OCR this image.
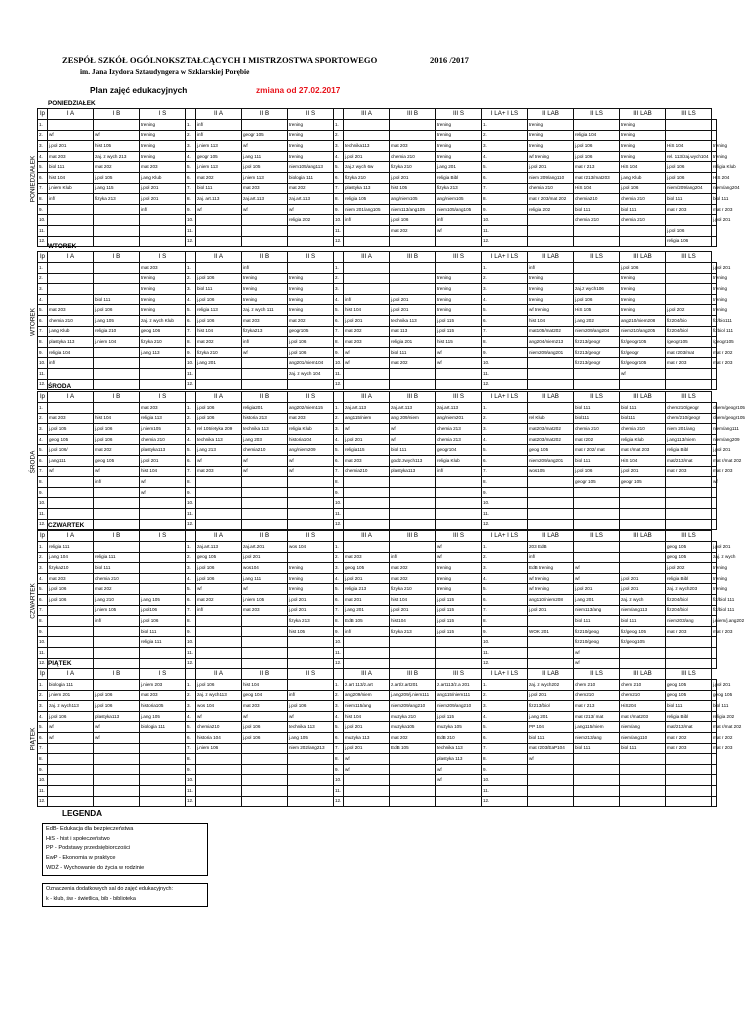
ZESPÓŁ SZKÓŁ OGÓLNOKSZTAŁCĄCYCH I MISTRZOSTWA SPORTOWEGO	2016 /2017
im. Jana Izydora Sztaudyngera w Szklarskiej Porębie
Plan zajęć edukacyjnych	zmiana od 27.02.2017
PONIEDZIAŁEK
PONIEDZIAŁEK
lp	I A	I B	I S		II A	II B	II S		III A	III B	III S	I LA+ I LS	II LAB	II LS	III LAB	III LS	
1.			trening	1.	inf/		trening	1.			trening	1.	trening		trening		
2.	wf	wf	trening	2.	inf/	geogr 105	trening	2.			trening	2.	trening	religia 104	trening		
3.	j.pol 201	hist 105	trening	3.	j.niem 113	wf	trening	3.	technika113	mat 203	trening	3.	trening	j.pol 106	trening	HiS 104	trening
4.	mat 203	zaj. z wych 213	trening	4.	geogr 105	j.ang 111	trening	4.	j.pol 201	chemia 210	trening	4.	wf trening	j.pol 106	trening	rel. 113/zaj.wych104	trening
5.	biol 111	mat 202	mat 203	5.	j.niem 113	j.pol 105	niem105/ang113	5.	zaj.z wych 6w	fizyka 210	j.ang 201	5.	j.pol 201	mat r 213	HiS 104	j.pol 106	religia Klub
6.	hist 104	j.pol 105	j.ang Klub	6.	mat 202	j.niem 113	biologia 111	6.	fizyka 210	j.pol 201	religia Bibl	6.	niem 209/ang110	mat r213/mat203	j.ang Klub	j.pol 106	HiS 204
7.	j.niem Klub	j.ang 115	j.pol 201	7.	biol 111	mat 203	mat 202	7.	plastyka 113	hist 105	fizyka 213	7.	chemia 210	HiS 104	j.pol 106	niem/209/ang204	niem/ang204
8.	inf/	fizyka 213	j.pol 201	8.	zaj. art.113	zaj.art.113	zaj.art.113	8.	religia 105	ang/niem105	ang/niem105	8.	mat r 203/mat 202	chemia210	chemia 210	biol 111	biol 111
9.			inf/	9.	wf	wf	wf	9.	niem 201/ang105	niem113/ang105	niem105/ang105	9.	religia 202	biol 111	biol 111	mat r 203	mat r 203
10.				10.			religia 202	10.	inf/	j.pol 106	inf/	10.		chemia 210	chemia 210		j.pol 201
11.				11.				11.		mat 202	wf	11.				j.pol 106	
12.				12.				12.				12.				religia 106	
WTOREK
WTOREK
lp	I A	I B	I S		II A	II B	II S		III A	III B	III S	I LA+ I LS	II LAB	II LS	III LAB	III LS	
1.			mat 203	1.		inf/		1.				1.	inf/		j.pol 106		j.pol 201
2.			trening	2.	j.pol 106	trening	trening	2.			trening	2.	trening		trening		trening
3.			trening	3.	biol 111	trening	trening	3.			trening	3.	trening	zaj.z wych106	trening		trening
4.		biol 111	trening	4.	j.pol 106	trening	trening	4.	inf/	j.pol 201	trening	4.	trening	j.pol 106	trening		trening
5.	mat 203	j.pol 106	trening	5.	religia 113	zaj. z wych 111	trening	5.	hist 104	j.pol 201	trening	5.	wf trening	HiS 105	trening	j.pol 202	trening
6.	chemia 210	j.ang 105	zaj. z wych Klub	6.	j.pol 106	mat 203	mat 202	6.	j.pol 201	technika 113	j.pol 115	6.	hist 104	j.ang 202	ang210/niem208	fiz204/bio	fiz/bio111
7.	j.ang Klub	religia 210	geog 106	7.	hist 104	fizyka213	geogr105	7.	mat 202	mat 113	j.pol 115	7.	mat105/mat202	niem209/ang204	niem210/ang205	fiz204/biol	fizbiol 111
8.	plastyka 113	j.niem 104	fizyka 210	8.	mat 202	inf/	j.pol 106	8.	mat 203	religia 201	hist 115	8.	ang204/niem213	fiz213/geogr	fiz/geogr105	/geogr105	/geogr105
9.	religia 104		j.ang 113	9.	fizyka 210	wf	j.pol 106	9.	wf	biol 111	wf	9.	niem209/ang201	fiz213/geogr	fiz/geogr	mat r203/mat	mat r 202
10.	inf/			10.	j.ang 201		ang201/niem104	10.	wf	mat 202	wf	10.		fiz213/geogr	fiz/geogr105	mat r 203	mat r 203
11.				11.			zaj. z wych 104	11.				11.			wf		
12.				12.				12.				12.					
ŚRODA
ŚRODA
lp	I A	I B	I S		II A	II B	II S		III A	III B	III S	I LA+ I LS	II LAB	II LS	III LAB	III LS	
1.			mat 203	1.	j.pol 106	religia201	ang202/niem115	1.	zaj.art.113	zaj.art.113	zaj.art.113	1.		biol 111	biol 111	chem210/geogr	chem/geogr105
2.	mat 203	hist 104	religia 113	2.	j.pol 106	historia 213	mat 203	2.	ang115/niem	ang 209/niem	ang/niem201	2.	rel Klub	biol111	biol111	chem/210/geogr	chem/geogr105
3.	j.pol 105	j.pol 106	j.niem105	3.	rel 105/etyka 209	technika 113	religia Klub	3.	wf	wf	chemia 213	3.	mat203/mat202	chemia 210	chemia 210	niem 201/ang	niem/ang111
4.	geog 105	j.pol 106	chemia 210	4.	technika 113	j.ang 203	historia104	4.	j.pol 201	wf	chemia 213	4.	mat203/mat202	mat r202	religia Klub	j.ang113/niem	niem/ang209
5.	j.pol 106/	mat 202	plastyka113	5.	j.ang 213	chemia210	ang/niem209	5.	religia115	biol 111	geogr104	5.	geog 105	mat r 202/ mat	mat r/mat 203	religia Bibl	j.pol 201
6.	j.ang111	geog 105	j.pol 201	6.	wf	wf	wf	6.	mat 203	godz.zwych113	religia Klub	6.	niem209/ang201	biol 111	HiS 104	mat/213/mat	mat r/mat 202
7.	wf	wf	hist 104	7.	mat 203	wf	wf	7.	chemia210	plastyka113	inf/	7.	wos105	j.pol 106	j.pol 201	mat r 203	mat r 203
8.		inf/	wf	8.				8.				8.		geogr 105	geogr 105		wf
9.			wf	9.				9.				9.					
10.				10.				10.				10.					
11.				11.				11.				11.					
12.				12.				12.				12.					
CZWARTEK
CZWARTEK
lp	I A	I B	I S		II A	II B	II S		III A	III B	III S	I LA+ I LS	II LAB	II LS	III LAB	III LS	
1.	religia 111			1.	zaj.art.113	zaj.art.201	wos 104	1.			wf	1.	203 EdB			geog 105	j.pol 201
2.	j.ang 104	religia 111		2.	geog 105	j.pol 201		2.	mat 203	inf/	wf	2.	inf/			geog 105	zaj. z wych
3.	fizyka210	biol 111		3.	j.pol 106	wos104	trening	3.	geog 105	mat 202	trening	3.	EdB trening	wf		j.pol 202	trening
4.	mat 203	chemia 210		4.	j.pol 106	j.ang 111	trening	4.	j.pol 201	mat 202	trening	4.	wf trening	wf	j.pol 201	religia Bibl	trening
5.	j.pol 106	mat 202		5.	wf	wf	trening	5.	religia 213	fizyka 210	trening	5.	wf trening	j.pol 201	j.pol 201	zaj. z wych203	trening
6.	j.pol 106	j.ang 210	j.ang 105	6.	mat 202	j.niem 105	j.pol 201	6.	mat 201	hist 104	j.pol 115	6.	ang110/niem208	j.ang 201	zaj. z wych	fiz204/biol	fiz/biol 111
7.		j.niem 105	j.pol106	7.	inf/	mat 203	j.pol 201	7.	j.ang 201	j.pol 201	j.pol 115	7.	j.pol 201	niem113/ang	niem/ang113	fiz204/biol	fiz/biol 111
8.		inf/	j.pol 106	8.			fizyka 213	8.	EdB 105	hist104	j.pol 115	8.		biol 111	biol 111	niem203/ang	j.niem/j.ang202
9.			biol 111	9.			hist 105	9.	inf/	fizyka 213	j.pol 115	9.	WOK 201	fiz210/geog	fiz/geog 105	mat r 203	mat r 203
10.			religia 111	10.				10.				10.		fiz210/geog	fiz/geog105		
11.				11.				11.				11.		wf			
12.				12.				12.				12.		wf			
PIĄTEK
PIĄTEK
lp	I A	I B	I S		II A	II B	II S		III A	III B	III S	I LA+ I LS	II LAB	II LS	III LAB	III LS	
1.	biologia 111		j.niem 203	1.	j.pol 106	hist 104		1.	z.art 113/z.art	z.art/z.art201	z.art113/z.a 201	1.	zaj. z wych202	chem 210	chem 210	geog 105	j.pol 201
2.	j.niem 201	j.pol 106	mat 203	2.	zaj. z wych113	geog 104	inf/	2.	ang209/niem	j.ang209/j.niem111	ang115/niem111	2.	j.pol 201	chem210	chem210	geog 105	geog 105
3.	zaj. z wych113	j.pol 106	historia105	3.	wos 104	mat 203	j.pol 106	3.	niem115/ang	niem209/ang210	niem209/ang210	3.	fiz213/biol	mat r 213	HiS204	biol 111	biol 111
4.	j.pol 106	plastyka113	j.ang 105	4.	wf	wf	wf	4.	hist 104	muzyka 210	j.pol 115	4.	j.ang 201	mat r213/ mat	mat r/mat203	religia Bibl	religia 202
5.	wf	wf	biologia 111	5.	chemia210	j.pol 106	technika 113	5.	j.pol 201	muzyka105	muzyka 105	5.	PP 104	j.ang115/niem	niem/ang	mat/213/mat	mat r/mat 202
6.	wf	wf		6.	historia 104	j.pol 106	j.ang 105	6.	muzyka 113	mat 202	EdB 210	6.	biol 111	niem213/ang	niem/ang110	mat r 202	mat r 202
7.				7.	j.niem 106		niem 202/ang213	7.	j.pol 201	EdB 105	technika 113	7.	mat r203/EaP104	biol 111	biol 111	mat r 203	mat r 203
8.				8.				8.	wf		plastyka 113	8.	wf				
9.				9.				9.	wf		wf	9.					
10.				10.				10.			wf	10.					
11.				11.				11.				11.					
12.				12.				12.				12.					
LEGENDA
EdB- Edukacja dla bezpieczeństwa
HiS - hist i społeczeństwo
PP - Podstawy przedsiębiorczości
EwP - Ekonomia w praktyce
WDŻ - Wychowanie do życia w rodzinie
Oznaczenia dodatkowych sal do zajęć edukacyjnych:
k - klub, św - świetlica, bib - biblioteka
